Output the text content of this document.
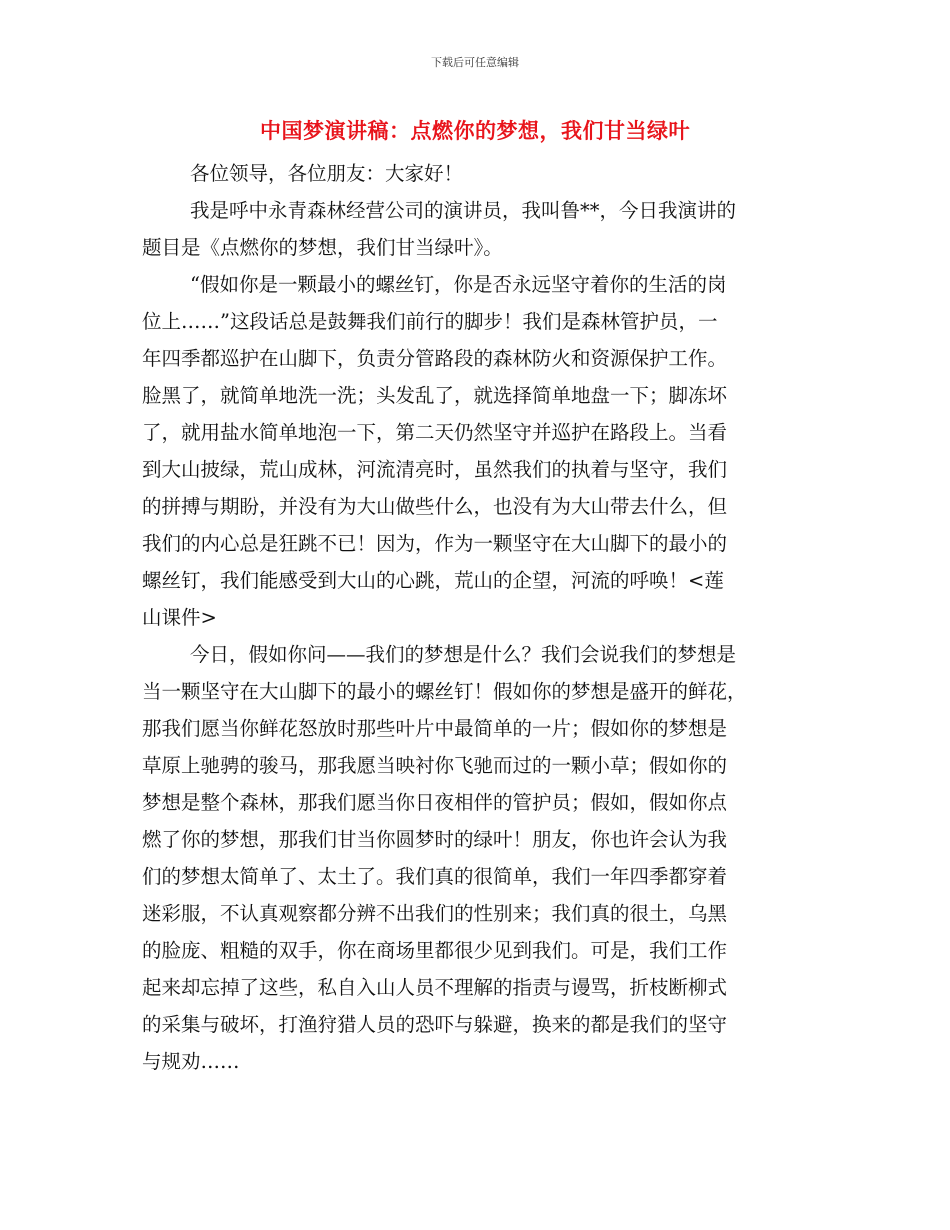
下载后可任意编辑
中国梦演讲稿：点燃你的梦想，我们甘当绿叶
各位领导，各位朋友：大家好！
我是呼中永青森林经营公司的演讲员，我叫鲁**，今日我演讲的
题目是《点燃你的梦想，我们甘当绿叶》。
“假如你是一颗最小的螺丝钉，你是否永远坚守着你的生活的岗
位上……”这段话总是鼓舞我们前行的脚步！我们是森林管护员，一
年四季都巡护在山脚下，负责分管路段的森林防火和资源保护工作。
脸黑了，就简单地洗一洗；头发乱了，就选择简单地盘一下；脚冻坏
了，就用盐水简单地泡一下，第二天仍然坚守并巡护在路段上。当看
到大山披绿，荒山成林，河流清亮时，虽然我们的执着与坚守，我们
的拼搏与期盼，并没有为大山做些什么，也没有为大山带去什么，但
我们的内心总是狂跳不已！因为，作为一颗坚守在大山脚下的最小的
螺丝钉，我们能感受到大山的心跳，荒山的企望，河流的呼唤！<莲
山课件>
今日，假如你问——我们的梦想是什么？我们会说我们的梦想是
当一颗坚守在大山脚下的最小的螺丝钉！假如你的梦想是盛开的鲜花，
那我们愿当你鲜花怒放时那些叶片中最简单的一片；假如你的梦想是
草原上驰骋的骏马，那我愿当映衬你飞驰而过的一颗小草；假如你的
梦想是整个森林，那我们愿当你日夜相伴的管护员；假如，假如你点
燃了你的梦想，那我们甘当你圆梦时的绿叶！朋友，你也许会认为我
们的梦想太简单了、太土了。我们真的很简单，我们一年四季都穿着
迷彩服，不认真观察都分辨不出我们的性别来；我们真的很土，乌黑
的脸庞、粗糙的双手，你在商场里都很少见到我们。可是，我们工作
起来却忘掉了这些，私自入山人员不理解的指责与谩骂，折枝断柳式
的采集与破坏，打渔狩猎人员的恐吓与躲避，换来的都是我们的坚守
与规劝……
